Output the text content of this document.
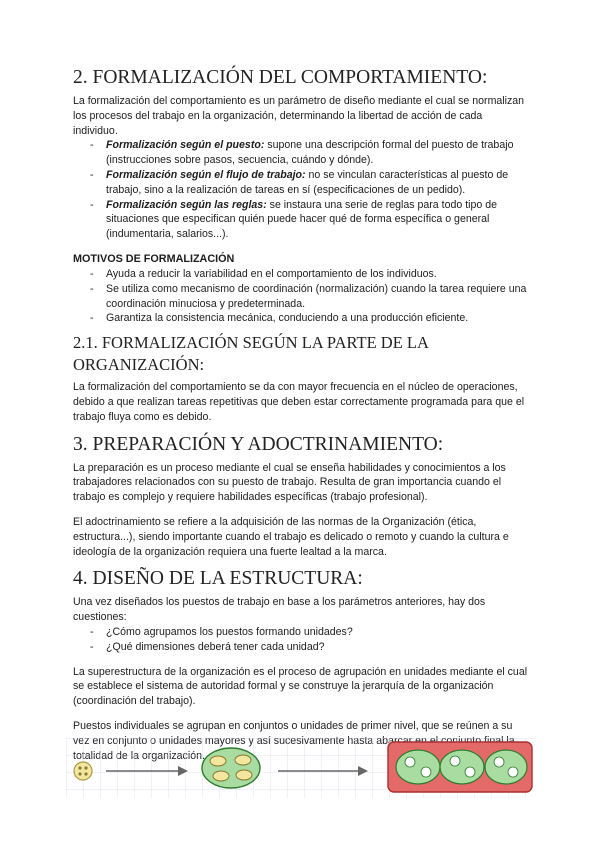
2. FORMALIZACIÓN DEL COMPORTAMIENTO:

La formalización del comportamiento es un parámetro de diseño mediante el cual se normalizan los procesos del trabajo en la organización, determinando la libertad de acción de cada individuo.

- Formalización según el puesto: supone una descripción formal del puesto de trabajo (instrucciones sobre pasos, secuencia, cuándo y dónde).
- Formalización según el flujo de trabajo: no se vinculan características al puesto de trabajo, sino a la realización de tareas en sí (especificaciones de un pedido).
- Formalización según las reglas: se instaura una serie de reglas para todo tipo de situaciones que especifican quién puede hacer qué de forma específica o general (indumentaria, salarios...).

MOTIVOS DE FORMALIZACIÓN

- Ayuda a reducir la variabilidad en el comportamiento de los individuos.
- Se utiliza como mecanismo de coordinación (normalización) cuando la tarea requiere una coordinación minuciosa y predeterminada.
- Garantiza la consistencia mecánica, conduciendo a una producción eficiente.
2.1. FORMALIZACIÓN SEGÚN LA PARTE DE LA ORGANIZACIÓN:

La formalización del comportamiento se da con mayor frecuencia en el núcleo de operaciones, debido a que realizan tareas repetitivas que deben estar correctamente programada para que el trabajo fluya como es debido.

3. PREPARACIÓN Y ADOCTRINAMIENTO:

La preparación es un proceso mediante el cual se enseña habilidades y conocimientos a los trabajadores relacionados con su puesto de trabajo. Resulta de gran importancia cuando el trabajo es complejo y requiere habilidades específicas (trabajo profesional).

El adoctrinamiento se refiere a la adquisición de las normas de la Organización (ética, estructura...), siendo importante cuando el trabajo es delicado o remoto y cuando la cultura e ideología de la organización requiera una fuerte lealtad a la marca.

4. DISEÑO DE LA ESTRUCTURA:

Una vez diseñados los puestos de trabajo en base a los parámetros anteriores, hay dos cuestiones:

- ¿Cómo agrupamos los puestos formando unidades?
- ¿Qué dimensiones deberá tener cada unidad?

La superestructura de la organización es el proceso de agrupación en unidades mediante el cual se establece el sistema de autoridad formal y se construye la jerarquía de la organización (coordinación del trabajo).

Puestos individuales se agrupan en conjuntos o unidades de primer nivel, que se reúnen a su
